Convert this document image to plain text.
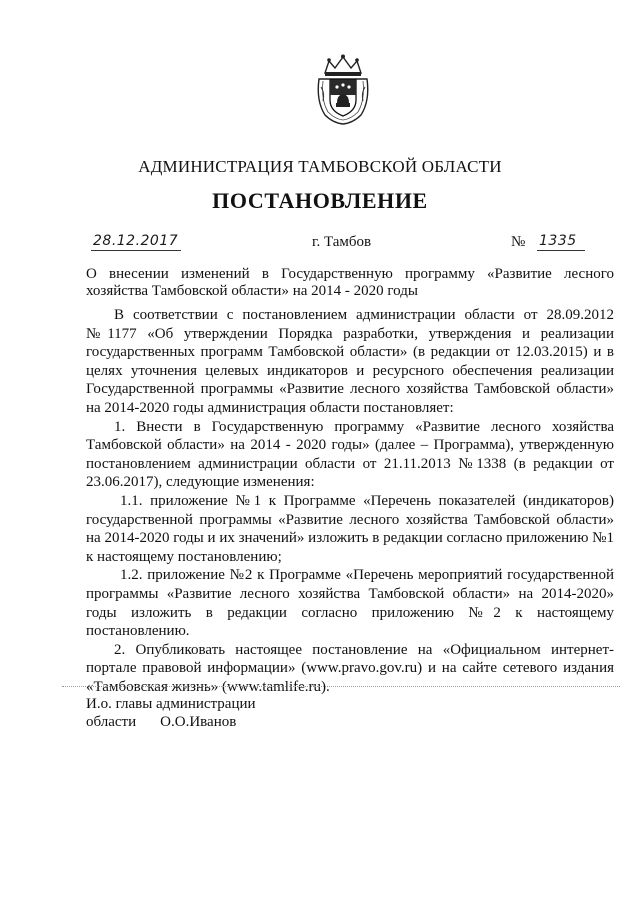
АДМИНИСТРАЦИЯ ТАМБОВСКОЙ ОБЛАСТИ
ПОСТАНОВЛЕНИЕ
28.12.2017	г. Тамбов	№ 1335
О внесении изменений в Государственную программу «Развитие лесного хозяйства Тамбовской области» на 2014 - 2020 годы

В соответствии с постановлением администрации области от 28.09.2012 №1177 «Об утверждении Порядка разработки, утверждения и реализации государственных программ Тамбовской области» (в редакции от 12.03.2015) и в целях уточнения целевых индикаторов и ресурсного обеспечения реализации Государственной программы «Развитие лесного хозяйства Тамбовской области» на 2014-2020 годы администрация области постановляет:

1. Внести в Государственную программу «Развитие лесного хозяйства Тамбовской области» на 2014 - 2020 годы» (далее – Программа), утвержденную постановлением администрации области от 21.11.2013 №1338 (в редакции от 23.06.2017), следующие изменения:

1.1. приложение №1 к Программе «Перечень показателей (индикаторов) государственной программы «Развитие лесного хозяйства Тамбовской области» на 2014-2020 годы и их значений» изложить в редакции согласно приложению №1 к настоящему постановлению;

1.2. приложение №2 к Программе «Перечень мероприятий государственной программы «Развитие лесного хозяйства Тамбовской области» на 2014-2020» годы изложить в редакции согласно приложению №2 к настоящему постановлению.

2. Опубликовать настоящее постановление на «Официальном интернет-портале правовой информации» (www.pravo.gov.ru) и на сайте сетевого издания «Тамбовская жизнь» (www.tamlife.ru).

И.о. главы администрации
области О.О.Иванов
